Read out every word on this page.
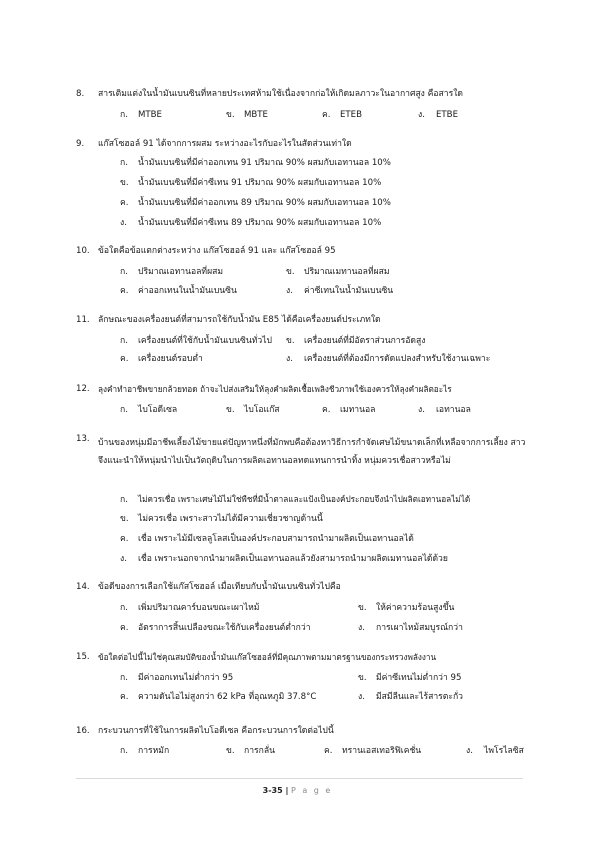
8. สารเติมแต่งในน้ำมันเบนซินที่หลายประเทศห้ามใช้เนื่องจากก่อให้เกิดมลภาวะในอากาศสูง คือสารใด
ก. MTBE	ข. MBTE	ค. ETEB	ง. ETBE
9. แก๊สโซฮอล์ 91 ได้จากการผสม ระหว่างอะไรกับอะไรในสัดส่วนเท่าใด
ก. น้ำมันเบนซินที่มีค่าออกเทน 91 ปริมาณ 90% ผสมกับเอทานอล 10%
ข. น้ำมันเบนซินที่มีค่าซีเทน 91 ปริมาณ 90% ผสมกับเอทานอล 10%
ค. น้ำมันเบนซินที่มีค่าออกเทน 89 ปริมาณ 90% ผสมกับเอทานอล 10%
ง. น้ำมันเบนซินที่มีค่าซีเทน 89 ปริมาณ 90% ผสมกับเอทานอล 10%
10. ข้อใดคือข้อแตกต่างระหว่าง แก๊สโซฮอล์ 91 และ แก๊สโซฮอล์ 95
ก. ปริมาณเอทานอลที่ผสม	ข. ปริมาณเมทานอลที่ผสม
ค. ค่าออกเทนในน้ำมันเบนซิน	ง. ค่าซีเทนในน้ำมันเบนซิน
11. ลักษณะของเครื่องยนต์ที่สามารถใช้กับน้ำมัน E85 ได้คือเครื่องยนต์ประเภทใด
ก. เครื่องยนต์ที่ใช้กับน้ำมันเบนซินทั่วไป ข. เครื่องยนต์ที่มีอัตราส่วนการอัดสูง
ค. เครื่องยนต์รอบต่ำ	ง. เครื่องยนต์ที่ต้องมีการดัดแปลงสำหรับใช้งานเฉพาะ
12. ลุงคำทำอาชีพขายกล้วยทอด ถ้าจะไปส่งเสริมให้ลุงคำผลิตเชื้อเพลิงชีวภาพใช้เองควรให้ลุงคำผลิตอะไร
ก. ไบโอดีเซล	ข. ไบโอแก๊ส	ค. เมทานอล	ง. เอทานอล
13. บ้านของหนุ่มมีอาชีพเลี้ยงไม้ขายแต่ปัญหาหนึ่งที่มักพบคือต้องหาวิธีการกำจัดเศษไม้ขนาดเล็กที่เหลือจากการเลี้ยง สาวจึงแนะนำให้หนุ่มนำไปเป็นวัตถุดิบในการผลิตเอทานอลทดแทนการนำทิ้ง หนุ่มควรเชื่อสาวหรือไม่
ก. ไม่ควรเชื่อ เพราะเศษไม้ไม่ใช่พืชที่มีน้ำตาลและแป้งเป็นองค์ประกอบจึงนำไปผลิตเอทานอลไม่ได้
ข. ไม่ควรเชื่อ เพราะสาวไม่ได้มีความเชี่ยวชาญด้านนี้
ค. เชื่อ เพราะไม้มีเซลลูโลสเป็นองค์ประกอบสามารถนำมาผลิตเป็นเอทานอลได้
ง. เชื่อ เพราะนอกจากนำมาผลิตเป็นเอทานอลแล้วยังสามารถนำมาผลิตเมทานอลได้ด้วย
14. ข้อดีของการเลือกใช้แก๊สโซฮอล์ เมื่อเทียบกับน้ำมันเบนซินทั่วไปคือ
ก. เพิ่มปริมาณคาร์บอนขณะเผาไหม้	ข. ให้ค่าความร้อนสูงขึ้น
ค. อัตราการสิ้นเปลืองขณะใช้กับเครื่องยนต์ต่ำกว่า	ง. การเผาไหม้สมบูรณ์กว่า
15. ข้อใดต่อไปนี้ไม่ใช่คุณสมบัติของน้ำมันแก๊สโซฮอล์ที่มีคุณภาพตามมาตรฐานของกระทรวงพลังงาน
ก. มีค่าออกเทนไม่ต่ำกว่า 95	ข. มีค่าซีเทนไม่ต่ำกว่า 95
ค. ความดันไอไม่สูงกว่า 62 kPa ที่อุณหภูมิ 37.8°C	ง. มีสมีลีนและไร้สารตะกั่ว
16. กระบวนการที่ใช้ในการผลิตไบโอดีเซล คือกระบวนการใดต่อไปนี้
ก. การหมัก	ข. การกลั่น	ค. ทรานเอสเทอริฟิเคชั่น	ง. ไพโรไลซิส
3-35 | P a g e
